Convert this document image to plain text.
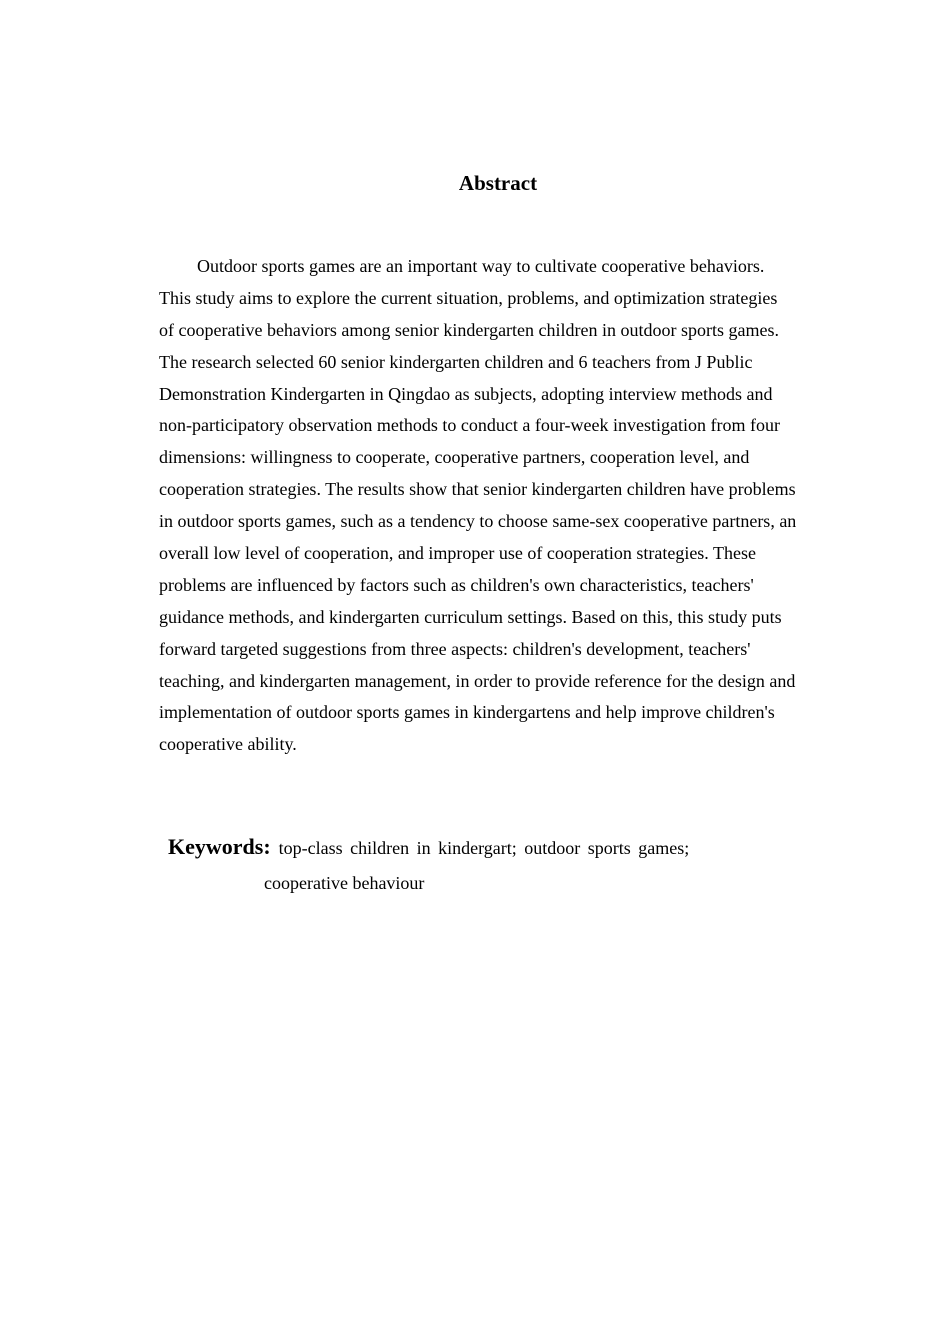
Abstract
Outdoor sports games are an important way to cultivate cooperative behaviors.
This study aims to explore the current situation, problems, and optimization strategies
of cooperative behaviors among senior kindergarten children in outdoor sports games.
The research selected 60 senior kindergarten children and 6 teachers from J Public
Demonstration Kindergarten in Qingdao as subjects, adopting interview methods and
non-participatory observation methods to conduct a four-week investigation from four
dimensions: willingness to cooperate, cooperative partners, cooperation level, and
cooperation strategies. The results show that senior kindergarten children have problems
in outdoor sports games, such as a tendency to choose same-sex cooperative partners, an
overall low level of cooperation, and improper use of cooperation strategies. These
problems are influenced by factors such as children's own characteristics, teachers'
guidance methods, and kindergarten curriculum settings. Based on this, this study puts
forward targeted suggestions from three aspects: children's development, teachers'
teaching, and kindergarten management, in order to provide reference for the design and
implementation of outdoor sports games in kindergartens and help improve children's
cooperative ability.
Keywords: top-class children in kindergart; outdoor sports games;
cooperative behaviour
